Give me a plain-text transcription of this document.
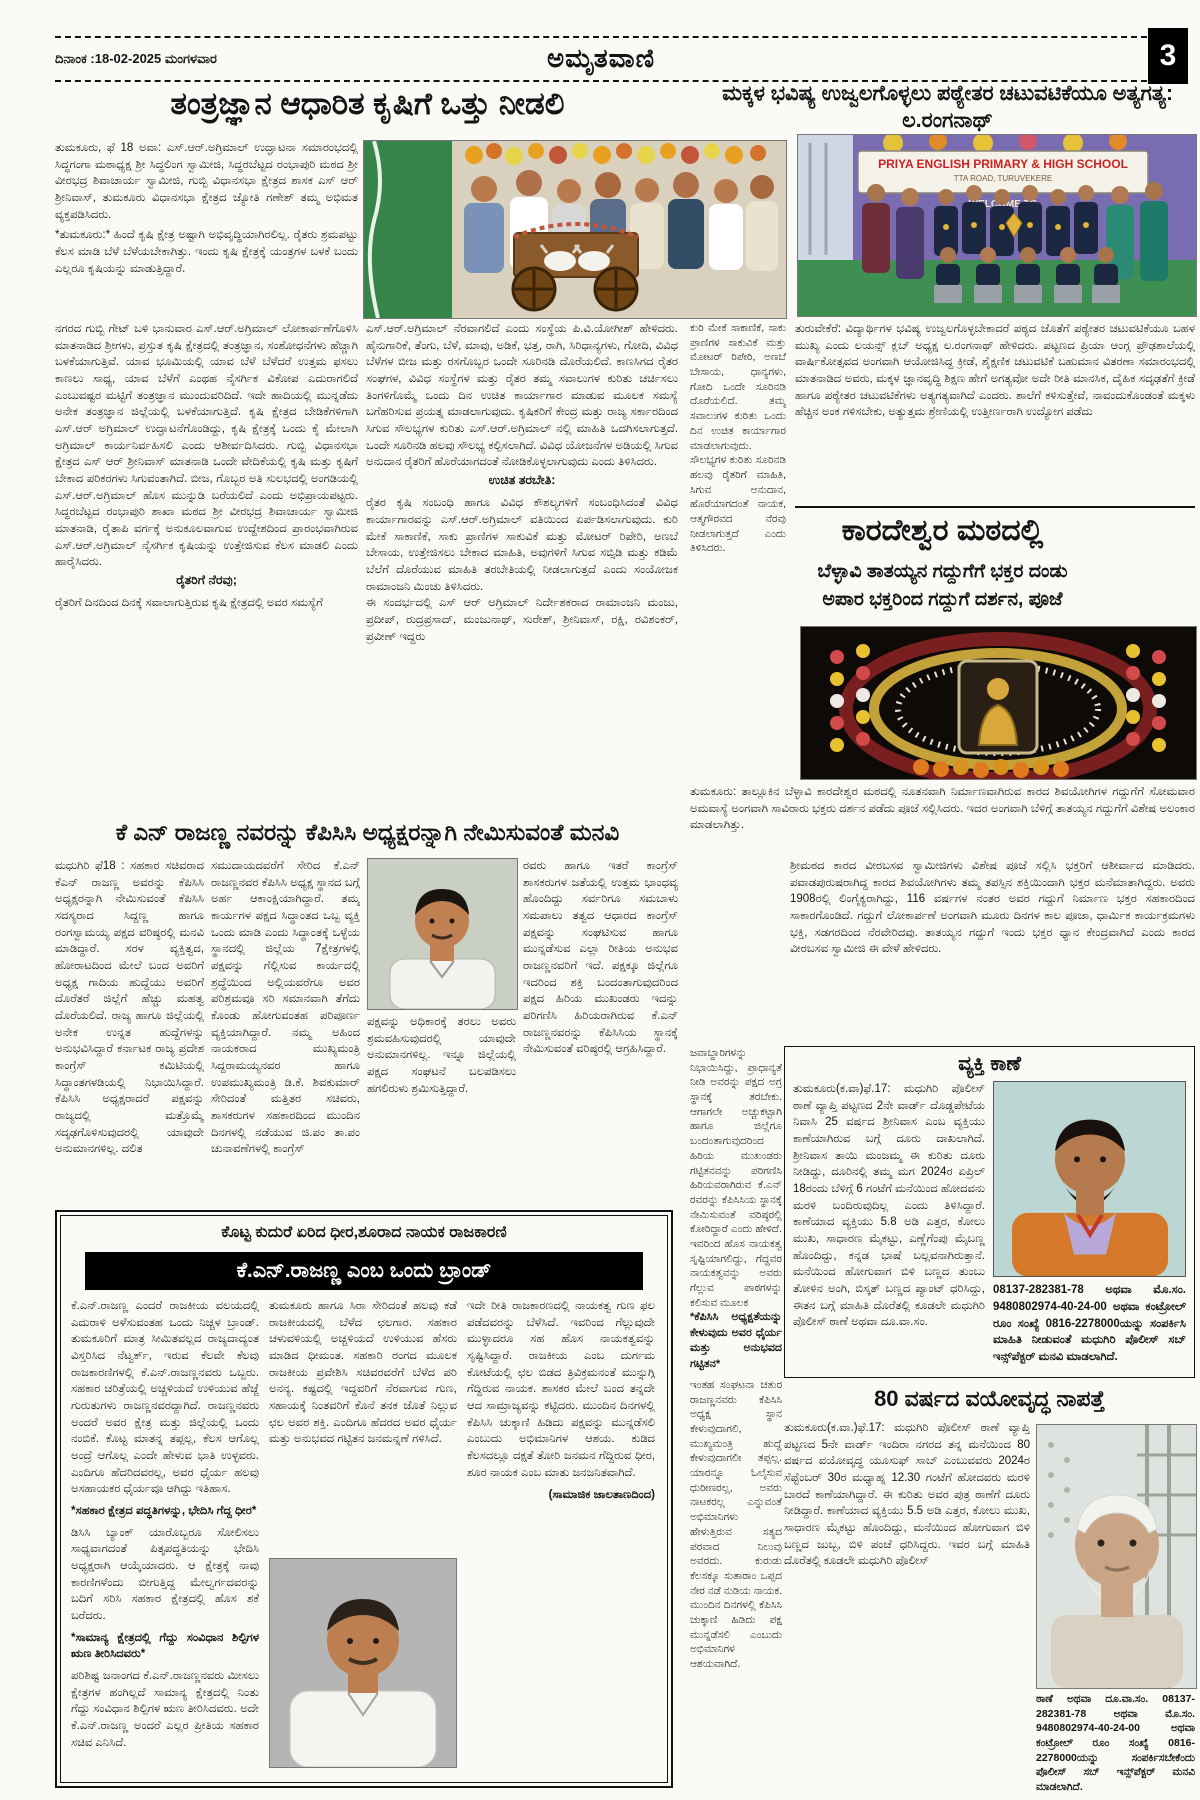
ದಿನಾಂಕ :18-02-2025 ಮಂಗಳವಾರ	ಅಮೃತವಾಣಿ	3
ತಂತ್ರಜ್ಞಾನ ಆಧಾರಿತ ಕೃಷಿಗೆ ಒತ್ತು ನೀಡಲಿ

ತುಮಕೂರು, ಫೆ 18 ಅವಾ: ಎಸ್.ಆರ್.ಅಗ್ರಿಮಾಲ್ ಉದ್ಘಾಟನಾ ಸಮಾರಂಭದಲ್ಲಿ ಸಿದ್ಧಗಂಗಾ ಮಠಾಧ್ಯಕ್ಷ ಶ್ರೀ ಸಿದ್ಧಲಿಂಗ ಸ್ವಾಮೀಜಿ, ಸಿದ್ಧರಬೆಟ್ಟದ ರಂಭಾಪುರಿ ಮಠದ ಶ್ರೀ ವೀರಭದ್ರ ಶಿವಾಚಾರ್ಯ ಸ್ವಾಮೀಜಿ, ಗುಬ್ಬಿ ವಿಧಾನಸಭಾ ಕ್ಷೇತ್ರದ ಶಾಸಕ ಎಸ್ ಆರ್ ಶ್ರೀನಿವಾಸ್, ತುಮಕೂರು ವಿಧಾನಸಭಾ ಕ್ಷೇತ್ರದ ಜ್ಯೋತಿ ಗಣೇಶ್ ತಮ್ಮ ಅಭಿಮತ ವ್ಯಕ್ತಪಡಿಸಿದರು.

*ತುಮಕೂರು:* ಹಿಂದೆ ಕೃಷಿ ಕ್ಷೇತ್ರ ಅಷ್ಟಾಗಿ ಅಭಿವೃದ್ಧಿಯಾಗಿರಲಿಲ್ಲ. ರೈತರು ಶ್ರಮಪಟ್ಟು ಕೆಲಸ ಮಾಡಿ ಬೆಳೆ ಬೆಳೆಯಬೇಕಾಗಿತ್ತು. ಇಂದು ಕೃಷಿ ಕ್ಷೇತ್ರಕ್ಕೆ ಯಂತ್ರಗಳ ಬಳಕೆ ಬಂದು ಎಲ್ಲರೂ ಕೃಷಿಯನ್ನು ಮಾಡುತ್ತಿದ್ದಾರೆ.

ಮಕ್ಕಳ ಭವಿಷ್ಯ ಉಜ್ವಲಗೊಳ್ಳಲು ಪಠ್ಯೇತರ ಚಟುವಟಿಕೆಯೂ ಅತ್ಯಗತ್ಯ: ಲ.ರಂಗನಾಥ್
PRIYA ENGLISH PRIMARY & HIGH SCHOOL
TTA ROAD, TURUVEKERE
WELCOME

ನಗರದ ಗುಬ್ಬಿ ಗೇಟ್ ಬಳಿ ಭಾನುವಾರ ಎಸ್.ಆರ್.ಅಗ್ರಿಮಾಲ್ ಲೋಕಾರ್ಪಣೆಗೊಳಿಸಿ ಮಾತನಾಡಿದ ಶ್ರೀಗಳು, ಪ್ರಸ್ತುತ ಕೃಷಿ ಕ್ಷೇತ್ರದಲ್ಲಿ ತಂತ್ರಜ್ಞಾನ, ಸಂಶೋಧನೆಗಳು ಹೆಚ್ಚಾಗಿ ಬಳಕೆಯಾಗುತ್ತಿವೆ. ಯಾವ ಭೂಮಿಯಲ್ಲಿ ಯಾವ ಬೆಳೆ ಬೆಳೆದರೆ ಉತ್ತಮ ಫಸಲು ಕಾಣಲು ಸಾಧ್ಯ, ಯಾವ ಬೆಳೆಗೆ ಎಂಥಹ ನೈಸರ್ಗಿಕ ವಿಕೋಪ ಎದುರಾಗಲಿದೆ ಎಂಬುವಷ್ಟರ ಮಟ್ಟಿಗೆ ತಂತ್ರಜ್ಞಾನ ಮುಂದುವರಿದಿದೆ. ಇದೇ ಹಾದಿಯಲ್ಲಿ ಮುನ್ನಡೆದು ಅನೇಕ ತಂತ್ರಜ್ಞಾನ ಜಿಲ್ಲೆಯಲ್ಲಿ ಬಳಕೆಯಾಗುತ್ತಿದೆ. ಕೃಷಿ ಕ್ಷೇತ್ರದ ಬೇಡಿಕೆಗಳಿಗಾಗಿ ಎಸ್.ಆರ್ ಅಗ್ರಿಮಾಲ್ ಉದ್ಘಾಟನೆಗೊಂಡಿದ್ದು, ಕೃಷಿ ಕ್ಷೇತ್ರಕ್ಕೆ ಒಂದು ಕೈ ಮೇಲಾಗಿ ಅಗ್ರಿಮಾಲ್ ಕಾರ್ಯನಿರ್ವಹಿಸಲಿ ಎಂದು ಆಶೀರ್ವದಿಸಿದರು. ಗುಬ್ಬಿ ವಿಧಾನಸಭಾ ಕ್ಷೇತ್ರದ ಎಸ್ ಆರ್ ಶ್ರೀನಿವಾಸ್ ಮಾತನಾಡಿ ಒಂದೇ ವೇದಿಕೆಯಲ್ಲಿ ಕೃಷಿ ಮತ್ತು ಕೃಷಿಗೆ ಬೇಕಾದ ಪರಿಕರಗಳು ಸಿಗುವಂತಾಗಿದೆ. ಬೀಜ, ಗೊಬ್ಬರ ಅತಿ ಸುಲಭದಲ್ಲಿ ಅಂಗಡಿಯಲ್ಲಿ ಎಸ್.ಆರ್.ಅಗ್ರಿಮಾಲ್ ಹೊಸ ಮುನ್ನುಡಿ ಬರೆಯಲಿದೆ ಎಂದು ಅಭಿಪ್ರಾಯಪಟ್ಟರು. ಸಿದ್ಧರಬೆಟ್ಟದ ರಂಭಾಪುರಿ ಶಾಖಾ ಮಠದ ಶ್ರೀ ವೀರಭದ್ರ ಶಿವಾಚಾರ್ಯ ಸ್ವಾಮೀಜಿ ಮಾತನಾಡಿ, ರೈತಾಪಿ ವರ್ಗಕ್ಕೆ ಅನುಕೂಲವಾಗುವ ಉದ್ದೇಶದಿಂದ ಪ್ರಾರಂಭವಾಗಿರುವ ಎಸ್.ಆರ್.ಅಗ್ರಿಮಾಲ್ ನೈಸರ್ಗಿಕ ಕೃಷಿಯನ್ನು ಉತ್ತೇಜಿಸುವ ಕೆಲಸ ಮಾಡಲಿ ಎಂದು ಹಾರೈಸಿದರು.

ರೈತರಿಗೆ ನೆರವು;

ರೈತರಿಗೆ ದಿನದಿಂದ ದಿನಕ್ಕೆ ಸವಾಲಾಗುತ್ತಿರುವ ಕೃಷಿ ಕ್ಷೇತ್ರದಲ್ಲಿ ಅವರ ಸಮಸ್ಯೆಗೆ

ಎಸ್.ಆರ್.ಅಗ್ರಿಮಾಲ್ ನೆರವಾಗಲಿದೆ ಎಂದು ಸಂಸ್ಥೆಯ ಪಿ.ವಿ.ಯೋಗೀಶ್ ಹೇಳಿದರು. ಹೈನುಗಾರಿಕೆ, ತೆಂಗು, ಬೆಳೆ, ಮಾವು, ಅಡಿಕೆ, ಭತ್ತ, ರಾಗಿ, ಸಿರಿಧಾನ್ಯಗಳು, ಗೋದಿ, ವಿವಿಧ ಬೆಳೆಗಳ ಬೀಜ ಮತ್ತು ರಸಗೊಬ್ಬರ ಒಂದೇ ಸೂರಿನಡಿ ದೊರೆಯಲಿದೆ. ಕಾಣಸಿಗದ ರೈತರ ಸಂಘಗಳ, ವಿವಿಧ ಸಂಸ್ಥೆಗಳ ಮತ್ತು ರೈತರ ತಮ್ಮ ಸವಾಲುಗಳ ಕುರಿತು ಚರ್ಚಿಸಲು ತಿಂಗಳಿಗೊಮ್ಮೆ ಒಂದು ದಿನ ಉಚಿತ ಕಾರ್ಯಾಗಾರ ಮಾಡುವ ಮೂಲಕ ಸಮಸ್ಯೆ ಬಗೆಹರಿಸುವ ಪ್ರಯತ್ನ ಮಾಡಲಾಗುವುದು. ಕೃಷಿಕರಿಗೆ ಕೇಂದ್ರ ಮತ್ತು ರಾಜ್ಯ ಸರ್ಕಾರದಿಂದ ಸಿಗುವ ಸೌಲಭ್ಯಗಳ ಕುರಿತು ಎಸ್.ಆರ್.ಅಗ್ರಿಮಾಲ್ ನಲ್ಲಿ ಮಾಹಿತಿ ಒದಗಿಸಲಾಗುತ್ತದೆ. ಒಂದೇ ಸೂರಿನಡಿ ಹಲವು ಸೌಲಭ್ಯ ಕಲ್ಪಿಸಲಾಗಿದೆ. ವಿವಿಧ ಯೋಜನೆಗಳ ಅಡಿಯಲ್ಲಿ ಸಿಗುವ ಅನುದಾನ ರೈತರಿಗೆ ಹೊರೆಯಾಗದಂತೆ ನೋಡಿಕೊಳ್ಳಲಾಗುವುದು ಎಂದು ತಿಳಿಸಿದರು.

ಉಚಿತ ತರಬೇತಿ:

ರೈತರ ಕೃಷಿ ಸಂಬಂಧಿ ಹಾಗೂ ವಿವಿಧ ಕೌಶಲ್ಯಗಳಿಗೆ ಸಂಬಂಧಿಸಿದಂತೆ ವಿವಿಧ ಕಾರ್ಯಾಗಾರವನ್ನು ಎಸ್.ಆರ್.ಅಗ್ರಿಮಾಲ್ ವತಿಯಿಂದ ಏರ್ಪಡಿಸಲಾಗುವುದು. ಕುರಿ ಮೇಕೆ ಸಾಕಾಣಿಕೆ, ಸಾಕು ಪ್ರಾಣಿಗಳ ಸಾಕುವಿಕೆ ಮತ್ತು ಮೋಟರ್ ರಿಪೇರಿ, ಅಣಬೆ ಬೇಸಾಯ, ಉತ್ತೇಜಿಸಲು ಬೇಕಾದ ಮಾಹಿತಿ, ಅವುಗಳಿಗೆ ಸಿಗುವ ಸಬ್ಸಿಡಿ ಮತ್ತು ಕಡಿಮೆ ಬೆಲೆಗೆ ದೊರೆಯುವ ಮಾಹಿತಿ ತರಬೇತಿಯಲ್ಲಿ ನೀಡಲಾಗುತ್ತದೆ ಎಂದು ಸಂಯೋಜಕ ರಾಮಾಂಜನಿ ಮಿಂಚು ತಿಳಿಸಿದರು.

ಈ ಸಂದರ್ಭದಲ್ಲಿ ಎಸ್ ಆರ್ ಅಗ್ರಿಮಾಲ್ ನಿರ್ದೇಶಕರಾದ ರಾಮಾಂಜನಿ ಮಂಜು, ಪ್ರದೀಪ್, ರುದ್ರಪ್ರಸಾದ್, ಮಂಜುನಾಥ್, ಸುರೇಶ್, ಶ್ರೀನಿವಾಸ್, ರಕ್ಷಿ, ರವಿಶಂಕರ್, ಪ್ರವೀಣ್ ಇದ್ದರು

ಕುರಿ ಮೇಕೆ ಸಾಕಾಣಿಕೆ, ಸಾಕು ಪ್ರಾಣಿಗಳ ಸಾಕುವಿಕೆ ಮತ್ತು ಮೋಟರ್ ರಿಪೇರಿ, ಅಣಬೆ ಬೇಸಾಯ, ಧಾನ್ಯಗಳು, ಗೋದಿ ಒಂದೇ ಸೂರಿನಡಿ ದೊರೆಯಲಿದೆ. ತಮ್ಮ ಸವಾಲುಗಳ ಕುರಿತು ಒಂದು ದಿನ ಉಚಿತ ಕಾರ್ಯಾಗಾರ ಮಾಡಲಾಗುವುದು. ಸೌಲಭ್ಯಗಳ ಕುರಿತು ಸೂರಿನಡಿ ಹಲವು ರೈತರಿಗೆ ಮಾಹಿತಿ, ಸಿಗುವ ಅನುದಾನ, ಹೊರೆಯಾಗದಂತೆ ನಾಯಕ, ಆತ್ಮಗೌರವದ ನೆರವು ನೀಡಲಾಗುತ್ತದೆ ಎಂದು ತಿಳಿಸಿದರು.
ತುರುವೇಕೆರೆ: ವಿದ್ಯಾರ್ಥಿಗಳ ಭವಿಷ್ಯ ಉಜ್ವಲಗೊಳ್ಳಬೇಕಾದರೆ ಪಠ್ಯದ ಜೊತೆಗೆ ಪಠ್ಯೇತರ ಚಟುವಟಿಕೆಯೂ ಬಹಳ ಮುಖ್ಯ ಎಂದು ಲಯನ್ಸ್ ಕ್ಲಬ್ ಅಧ್ಯಕ್ಷ ಲ.ರಂಗನಾಥ್ ಹೇಳಿದರು. ಪಟ್ಟಣದ ಪ್ರಿಯಾ ಆಂಗ್ಲ ಪ್ರೌಢಶಾಲೆಯಲ್ಲಿ ವಾರ್ಷಿಕೋತ್ಸವದ ಅಂಗವಾಗಿ ಆಯೋಜಿಸಿದ್ದ ಕ್ರೀಡೆ, ಶೈಕ್ಷಣಿಕ ಚಟುವಟಿಕೆ ಬಹುಮಾನ ವಿತರಣಾ ಸಮಾರಂಭದಲ್ಲಿ ಮಾತನಾಡಿದ ಅವರು, ಮಕ್ಕಳ ಜ್ಞಾನವೃದ್ಧಿ ಶಿಕ್ಷಣ ಹೇಗೆ ಅಗತ್ಯವೋ ಅದೇ ರೀತಿ ಮಾನಸಿಕ, ದೈಹಿಕ ಸದೃಢತೆಗೆ ಕ್ರೀಡೆ ಹಾಗೂ ಪಠ್ಯೇತರ ಚಟುವಟಿಕೆಗಳು ಅತ್ಯಗತ್ಯವಾಗಿದೆ ಎಂದರು. ಶಾಲೆಗೆ ಕಳಿಸುತ್ತೇವೆ, ನಾವಂದುಕೊಂಡಂತೆ ಮಕ್ಕಳು ಹೆಚ್ಚಿನ ಅಂಕ ಗಳಿಸಬೇಕು, ಅತ್ಯುತ್ತಮ ಶ್ರೇಣಿಯಲ್ಲಿ ಉತ್ತೀರ್ಣರಾಗಿ ಉದ್ಯೋಗ ಪಡೆದು
ಕಾರದೇಶ್ವರ ಮಠದಲ್ಲಿ
ಬೆಳ್ಳಾವಿ ತಾತಯ್ಯನ ಗದ್ದುಗೆಗೆ ಭಕ್ತರ ದಂಡು
ಅಪಾರ ಭಕ್ತರಿಂದ ಗದ್ದುಗೆ ದರ್ಶನ, ಪೂಜೆ
ತುಮಕೂರು: ತಾಲ್ಲೂಕಿನ ಬೆಳ್ಳಾವಿ ಕಾರದೇಶ್ವರ ಮಠದಲ್ಲಿ ನೂತನವಾಗಿ ನಿರ್ಮಾಣವಾಗಿರುವ ಕಾರದ ಶಿವಯೋಗಿಗಳ ಗದ್ದುಗೆಗೆ ಸೋಮವಾರ ಅಮವಾಸ್ಯೆ ಅಂಗವಾಗಿ ಸಾವಿರಾರು ಭಕ್ತರು ದರ್ಶನ ಪಡೆದು ಪೂಜೆ ಸಲ್ಲಿಸಿದರು. ಇದರ ಅಂಗವಾಗಿ ಬೆಳಿಗ್ಗೆ ತಾತಯ್ಯನ ಗದ್ದುಗೆಗೆ ವಿಶೇಷ ಅಲಂಕಾರ ಮಾಡಲಾಗಿತ್ತು.
ಶ್ರೀಮಠದ ಕಾರದ ವೀರಬಸವ ಸ್ವಾಮೀಜಿಗಳು ವಿಶೇಷ ಪೂಜೆ ಸಲ್ಲಿಸಿ ಭಕ್ತರಿಗೆ ಆಶೀರ್ವಾದ ಮಾಡಿದರು. ಪವಾಡಪುರುಷರಾಗಿದ್ದ ಕಾರದ ಶಿವಯೋಗಿಗಳು ತಮ್ಮ ತಪಸ್ಸಿನ ಶಕ್ತಿಯಿಂದಾಗಿ ಭಕ್ತರ ಮನೆಮಾತಾಗಿದ್ದರು. ಅವರು 1908ರಲ್ಲಿ ಲಿಂಗೈಕ್ಯರಾಗಿದ್ದು, 116 ವರ್ಷಗಳ ನಂತರ ಅವರ ಗದ್ದುಗೆ ನಿರ್ಮಾಣ ಭಕ್ತರ ಸಹಕಾರದಿಂದ ಸಾಕಾರಗೊಂಡಿದೆ. ಗದ್ದುಗೆ ಲೋಕಾರ್ಪಣೆ ಅಂಗವಾಗಿ ಮೂರು ದಿನಗಳ ಕಾಲ ಪೂಜಾ, ಧಾರ್ಮಿಕ ಕಾರ್ಯಕ್ರಮಗಳು ಭಕ್ತಿ, ಸಡಗರದಿಂದ ನೆರವೇರಿದವು. ತಾತಯ್ಯನ ಗದ್ದುಗೆ ಇಂದು ಭಕ್ತರ ಧ್ಯಾನ ಕೇಂದ್ರವಾಗಿದೆ ಎಂದು ಕಾರದ ವೀರಬಸವ ಸ್ವಾಮೀಜಿ ಈ ವೇಳೆ ಹೇಳಿದರು.
ಕೆ ಎನ್ ರಾಜಣ್ಣ ನವರನ್ನು ಕೆಪಿಸಿಸಿ ಅಧ್ಯಕ್ಷರನ್ನಾಗಿ ನೇಮಿಸುವಂತೆ ಮನವಿ
ಮಧುಗಿರಿ ಫೆ18 : ಸಹಕಾರ ಸಚಿವರಾದ ಕೆಎನ್ ರಾಜಣ್ಣ ಅವರನ್ನು ಕೆಪಿಸಿಸಿ ಅಧ್ಯಕ್ಷರನ್ನಾಗಿ ನೇಮಿಸುವಂತೆ ಕೆಪಿಸಿಸಿ ಸದಸ್ಯರಾದ ಸಿದ್ದಣ್ಣ ಹಾಗೂ ರಂಗಸ್ವಾಮಯ್ಯ ಪಕ್ಷದ ವರಿಷ್ಠರಲ್ಲಿ ಮನವಿ ಮಾಡಿದ್ದಾರೆ. ಸರಳ ವ್ಯಕ್ತಿತ್ವದ, ಹೋರಾಟದಿಂದ ಮೇಲೆ ಬಂದ ಅವರಿಗೆ ಅಧ್ಯಕ್ಷ ಗಾದಿಯ ಹುದ್ದೆಯು ಅವರಿಗೆ ದೊರೆತರೆ ಜಿಲ್ಲೆಗೆ ಹೆಚ್ಚು ಮಹತ್ವ ದೊರೆಯಲಿದೆ. ರಾಜ್ಯ ಹಾಗೂ ಜಿಲ್ಲೆಯಲ್ಲಿ ಅನೇಕ ಉನ್ನತ ಹುದ್ದೆಗಳನ್ನು ಅನುಭವಿಸಿದ್ದಾರೆ ಕರ್ನಾಟಕ ರಾಜ್ಯ ಪ್ರದೇಶ ಕಾಂಗ್ರೆಸ್ ಕಮಿಟಿಯಲ್ಲಿ ಸಿದ್ಧಾಂತಗಳಡಿಯಲ್ಲಿ ನಿಭಾಯಿಸಿದ್ದಾರೆ. ಕೆಪಿಸಿಸಿ ಅಧ್ಯಕ್ಷರಾದರೆ ಪಕ್ಷವನ್ನು ರಾಜ್ಯದಲ್ಲಿ ಮತ್ತೊಮ್ಮೆ ಸದೃಢಗೊಳಿಸುವುದರಲ್ಲಿ ಯಾವುದೇ ಅನುಮಾನಗಳಿಲ್ಲ. ದಲಿತ
ಸಮುದಾಯದವರೆಗೆ ಸೇರಿದ ಕೆ.ಎನ್ ರಾಜಣ್ಣನವರ ಕೆಪಿಸಿಸಿ ಅಧ್ಯಕ್ಷ ಸ್ಥಾನದ ಬಗ್ಗೆ ಅರ್ಹ ಆಕಾಂಕ್ಷಿಯಾಗಿದ್ದಾರೆ. ತಮ್ಮ ಕಾರ್ಯಗಳ ಪಕ್ಷದ ಸಿದ್ಧಾಂತದ ಒಬ್ಬ ವ್ಯಕ್ತಿ ಒಂದು ಮಾಡಿ ಎಂದು ಸಿದ್ಧಾಂತಕ್ಕೆ ಒಳ್ಳೆಯ ಸ್ಥಾನದಲ್ಲಿ ಜಿಲ್ಲೆಯ 7ಕ್ಷೇತ್ರಗಳಲ್ಲಿ ಪಕ್ಷವನ್ನು ಗೆಲ್ಲಿಸುವ ಕಾರ್ಯದಲ್ಲಿ ಶ್ರದ್ಧೆಯಿಂದ ಅಲ್ಲಿಯವರೆಗೂ ಅವರ ಪರಿಶ್ರಮವೂ ಸರಿ ಸಮಾನವಾಗಿ ತೆಗೆದು ಕೊಂಡು ಹೋಗುವಂತಹ ಪರಿಪೂರ್ಣ ವ್ಯಕ್ತಿಯಾಗಿದ್ದಾರೆ. ನಮ್ಮ ಅಹಿಂದ ನಾಯಕರಾದ ಮುಖ್ಯಮಂತ್ರಿ ಸಿದ್ದರಾಮಯ್ಯನವರ ಹಾಗೂ ಉಪಮುಖ್ಯಮಂತ್ರಿ ಡಿ.ಕೆ. ಶಿವಕುಮಾರ್ ಸೇರಿದಂತೆ ಮತ್ತಿತರ ಸಚಿವರು, ಶಾಸಕರುಗಳ ಸಹಕಾರದಿಂದ ಮುಂದಿನ ದಿನಗಳಲ್ಲಿ ನಡೆಯುವ ಜಿ.ಪಂ ತಾ.ಪಂ ಚುನಾವಣೆಗಳಲ್ಲಿ ಕಾಂಗ್ರೆಸ್
ಪಕ್ಷವನ್ನು ಅಧಿಕಾರಕ್ಕೆ ತರಲು ಅವರು ಶ್ರಮವಹಿಸುವುದರಲ್ಲಿ ಯಾವುದೇ ಅನುಮಾನಗಳಿಲ್ಲ. ಇನ್ನೂ ಜಿಲ್ಲೆಯಲ್ಲಿ ಪಕ್ಷದ ಸಂಘಟನೆ ಬಲಪಡಿಸಲು ಹಗಲಿರುಳು ಶ್ರಮಿಸುತ್ತಿದ್ದಾರೆ.
ರವರು ಹಾಗೂ ಇತರೆ ಕಾಂಗ್ರೆಸ್ ಶಾಸಕರುಗಳ ಜತೆಯಲ್ಲಿ ಉತ್ತಮ ಭಾಂಧವ್ಯ ಹೊಂದಿದ್ದು ಸರ್ವರಿಗೂ ಸಮಬಾಳು ಸಮಪಾಲು ತತ್ವದ ಆಧಾರದ ಕಾಂಗ್ರೆಸ್ ಪಕ್ಷವನ್ನು ಸಂಘಟಿಸುವ ಹಾಗೂ ಮುನ್ನಡೆಸುವ ಎಲ್ಲಾ ರೀತಿಯ ಅನುಭವ ರಾಜಣ್ಣನವರಿಗೆ ಇದೆ. ಪಕ್ಷಕ್ಕೂ ಜಿಲ್ಲೆಗೂ ಇದರಿಂದ ಶಕ್ತಿ ಬಂದಂತಾಗುವುದರಿಂದ ಪಕ್ಷದ ಹಿರಿಯ ಮುಖಂಡರು ಇದನ್ನು ಪರಿಗಣಿಸಿ ಹಿರಿಯರಾಗಿರುವ ಕೆ.ಎನ್ ರಾಜಣ್ಣನವರನ್ನು ಕೆಪಿಸಿಸಿಯ ಸ್ಥಾನಕ್ಕೆ ನೇಮಿಸುವಂತೆ ವರಿಷ್ಠರಲ್ಲಿ ಆಗ್ರಹಿಸಿದ್ದಾರೆ.	ಜವಾಬ್ದಾರಿಗಳನ್ನು ನಿಭಾಯಿಸಿದ್ದು, ಪ್ರಾಧಾನ್ಯತೆ ನೀಡಿ ಅವರನ್ನು ಪಕ್ಷದ ಅಗ್ರ ಸ್ಥಾನಕ್ಕೆ ತರಬೇಕು. ಆಗಾಗಲೇ ಅಚ್ಚುಕಟ್ಟಾಗಿ ಹಾಗೂ ಜಿಲ್ಲೆಗೂ ಬಂದಂತಾಗುವುದರಿಂದ ಹಿರಿಯ ಮುಖಂಡರು ಗಟ್ಟಿತನವನ್ನು ಪರಿಗಣಿಸಿ ಹಿರಿಯವರಾಗಿರುವ ಕೆ.ಎನ್ ರವರನ್ನು ಕೆಪಿಸಿಸಿಯ ಸ್ಥಾನಕ್ಕೆ ನೇಮಿಸುವಂತೆ ವರಿಷ್ಠರಲ್ಲಿ ಕೋರಿದ್ದಾರೆ ಎಂದು ಹೇಳಿದೆ. ಇವರಿಂದ ಹೊಸ ನಾಯಕತ್ವ ಸೃಷ್ಟಿಯಾಗಲಿದ್ದು, ಗೆದ್ದವರ ನಾಯಕತ್ವವನ್ನು ಅವರು ಗೆಲ್ಲುವ ಪಾಠಗಳನ್ನು ಕಲಿಸುವ ಮೂಲಕ

*ಕೆಪಿಸಿಸಿ ಅಧ್ಯಕ್ಷತೆಯನ್ನು ಕೇಳುವುದು ಅವರ ಧೈರ್ಯ ಮತ್ತು ಅನುಭವದ ಗಟ್ಟಿತನ*

ಇಂತಹ ಸಂಘಟನಾ ಚತುರ ರಾಜಣ್ಣನವರು ಕೆಪಿಸಿಸಿ ಅಧ್ಯಕ್ಷ ಸ್ಥಾನ ಕೇಳುವುದಾಗಲಿ, ಮುಖ್ಯಮಂತ್ರಿ ಹುದ್ದೆ ಕೇಳುವುದಾಗಲೀ ತಪ್ಪಲ್ಲ. ಯಾರನ್ನೂ ಓಲೈಸುವ ಧುರೀಣರಲ್ಲ, ಅವರು ನಾಟಕರಲ್ಲ ಎನ್ನುವಂತೆ ಅಭಿಮಾನಿಗಳು ಹೇಳುತ್ತಿರುವ ಸತ್ಯದ ಪರವಾದ ನಿಲುವು ಅವರದು. ಕುರುಡು ಕೆಲಸಕ್ಕೂ ಸುತಾರಾಂ ಒಪ್ಪದ ನೇರ ನಡೆ ನುಡಿಯ ನಾಯಕ. ಮುಂದಿನ ದಿನಗಳಲ್ಲಿ ಕೆಪಿಸಿಸಿ ಚುಕ್ಕಾಣಿ ಹಿಡಿದು ಪಕ್ಷ ಮುನ್ನಡೆಸಲಿ ಎಂಬುದು ಅಭಿಮಾನಿಗಳ ಆಶಯವಾಗಿದೆ.

ಕೊಟ್ಟ ಕುದುರೆ ಏರಿದ ಧೀರ,ಶೂರಾದ ನಾಯಕ ರಾಜಕಾರಣಿ
ಕೆ.ಎನ್.ರಾಜಣ್ಣ ಎಂಬ ಒಂದು ಬ್ರಾಂಡ್

ಕೆ.ಎನ್.ರಾಜಣ್ಣ ಎಂದರೆ ರಾಜಕೀಯ ವಲಯದಲ್ಲಿ ಎದುರಾಳಿ ಅಳೆಸುವಂತಹ ಒಂದು ನಿಚ್ಚಳ ಬ್ರಾಂಡ್. ತುಮಕೂರಿಗೆ ಮಾತ್ರ ಸೀಮಿತವಲ್ಲದ ರಾಜ್ಯದಾದ್ಯಂತ ವಿಸ್ತರಿಸಿದ ನೆಟ್ವರ್ಕ್, ಇರುವ ಕೆಲವೇ ಕೆಲವು ರಾಜಕಾರಣಿಗಳಲ್ಲಿ ಕೆ.ಎನ್.ರಾಜಣ್ಣನವರು ಒಬ್ಬರು. ಸಹಕಾರ ಚರಿತ್ರೆಯಲ್ಲಿ ಅಚ್ಚಳಿಯದೆ ಉಳಿಯುವ ಹೆಜ್ಜೆ ಗುರುತುಗಳು ರಾಜಣ್ಣನವರದ್ದಾಗಿದೆ. ರಾಜಣ್ಣನವರು ಅಂದರೆ ಅವರ ಕ್ಷೇತ್ರ ಮತ್ತು ಜಿಲ್ಲೆಯಲ್ಲಿ ಒಂದು ನಂಬಿಕೆ. ಕೊಟ್ಟ ಮಾತನ್ನ ತಪ್ಪಲ್ಲ, ಕೆಲಸ ಆಗೊಲ್ಲ ಅಂದ್ರೆ ಆಗೊಲ್ಲ ಎಂದೇ ಹೇಳುವ ಭಾತಿ ಉಳ್ಳವರು. ಎಂದಿಗೂ ಹೆದರಿದವರಲ್ಲ, ಅವರ ಧೈರ್ಯ ಹಲವು ಅಸಹಾಯಕರ ಧೈರ್ಯವೂ ಆಗಿದ್ದು ಇತಿಹಾಸ.

*ಸಹಕಾರ ಕ್ಷೇತ್ರದ ಪದ್ಧತಿಗಳನ್ನು, ಭೇದಿಸಿ ಗೆದ್ದ ಧೀರ*

ಡಿಸಿಸಿ ಬ್ಯಾಂಕ್ ಯಾರೊಬ್ಬರೂ ಸೋಲಿಸಲು ಸಾಧ್ಯವಾಗದಂತೆ ಪಿತೃಪದ್ಧತಿಯನ್ನು ಭೇದಿಸಿ ಅಧ್ಯಕ್ಷರಾಗಿ ಆಯ್ಕೆಯಾದರು. ಆ ಕ್ಷೇತ್ರಕ್ಕೆ ನಾವು ಕಾರಣಿಗಳೆಂದು ಬೀಗುತ್ತಿದ್ದ ಮೇಲ್ವರ್ಗದವರನ್ನು ಬದಿಗೆ ಸರಿಸಿ ಸಹಕಾರ ಕ್ಷೇತ್ರದಲ್ಲಿ ಹೊಸ ಶಕೆ ಬರೆದರು.

*ಸಾಮಾನ್ಯ ಕ್ಷೇತ್ರದಲ್ಲಿ ಗೆದ್ದು ಸಂವಿಧಾನ ಶಿಲ್ಪಿಗಳ ಋಣ ತೀರಿಸಿದವರು*

ಪರಿಶಿಷ್ಟ ಜನಾಂಗದ ಕೆ.ಎನ್.ರಾಜಣ್ಣನವರು ಮೀಸಲು ಕ್ಷೇತ್ರಗಳ ಹಂಗಿಲ್ಲದೆ ಸಾಮಾನ್ಯ ಕ್ಷೇತ್ರದಲ್ಲಿ ನಿಂತು ಗೆದ್ದು ಸಂವಿಧಾನ ಶಿಲ್ಪಿಗಳ ಋಣ ತೀರಿಸಿದವರು. ಅದೇ ಕೆ.ಎನ್.ರಾಜಣ್ಣ ಅಂದರೆ ಎಲ್ಲರ ಪ್ರೀತಿಯ ಸಹಕಾರ ಸಚಿವ ಎನಿಸಿದೆ.

ತುಮಕೂರು ಹಾಗೂ ಸಿರಾ ಸೇರಿದಂತೆ ಹಲವು ಕಡೆ ರಾಜಕೀಯದಲ್ಲಿ ಬೆಳೆದ ಛಲಗಾರ. ಸಹಕಾರ ಚಳುವಳಿಯಲ್ಲಿ ಅಚ್ಚಳಿಯದೆ ಉಳಿಯುವ ಹೆಸರು ಮಾಡಿದ ಧೀಮಂತ. ಸಹಕಾರಿ ರಂಗದ ಮೂಲಕ ರಾಜಕೀಯ ಪ್ರವೇಶಿಸಿ ಸಚಿವರವರೆಗೆ ಬೆಳೆದ ಪರಿ ಅನನ್ಯ. ಕಷ್ಟದಲ್ಲಿ ಇದ್ದವರಿಗೆ ನೆರವಾಗುವ ಗುಣ, ಸಹಾಯಕ್ಕೆ ನಿಂತವರಿಗೆ ಕೊನೆ ತನಕ ಜೊತೆ ನಿಲ್ಲುವ ಛಲ ಅವರ ಶಕ್ತಿ. ಎಂದಿಗೂ ಹೆದರದ ಅವರ ಧೈರ್ಯ ಮತ್ತು ಅನುಭವದ ಗಟ್ಟಿತನ ಜನಮನ್ನಣೆ ಗಳಿಸಿದೆ.

ಇದೇ ರೀತಿ ರಾಜಕಾರಣದಲ್ಲಿ ನಾಯಕತ್ವ ಗುಣ ಫಲ ಪಡೆದವರನ್ನು ಬೆಳೆಸಿದೆ. ಇವರಿಂದ ಗೆಲ್ಲುವುದೇ ಮುಳ್ಳಾದರೂ ಸಹ ಹೊಸ ನಾಯಕತ್ವವನ್ನು ಸೃಷ್ಟಿಸಿದ್ದಾರೆ. ರಾಜಕೀಯ ಎಂಬ ದುರ್ಗಮ ಕೋಟೆಯಲ್ಲಿ ಛಲ ಬಿಡದ ತ್ರಿವಿಕ್ರಮನಂತೆ ಮುನ್ನುಗ್ಗಿ ಗೆದ್ದಿರುವ ನಾಯಕ. ಶಾಸಕರ ಮೇಲೆ ಬಂದ ತನ್ನದೇ ಆದ ಸಾಮ್ರಾಜ್ಯವನ್ನು ಕಟ್ಟಿದರು. ಮುಂದಿನ ದಿನಗಳಲ್ಲಿ ಕೆಪಿಸಿಸಿ ಚುಕ್ಕಾಣಿ ಹಿಡಿದು ಪಕ್ಷವನ್ನು ಮುನ್ನಡೆಸಲಿ ಎಂಬುದು ಅಭಿಮಾನಿಗಳ ಆಶಯ. ಕುಡಿದ ಕೆಲಸದಲ್ಲೂ ದಕ್ಷತೆ ತೋರಿ ಜನಮನ ಗೆದ್ದಿರುವ ಧೀರ, ಶೂರ ನಾಯಕ ಎಂಬ ಮಾತು ಜನಜನಿತವಾಗಿದೆ.

(ಸಾಮಾಜಿಕ ಜಾಲತಾಣದಿಂದ)
ವ್ಯಕ್ತಿ ಕಾಣೆ
ತುಮಕೂರು(ಕ.ವಾ)ಫೆ.17: ಮಧುಗಿರಿ ಪೊಲೀಸ್ ಠಾಣೆ ವ್ಯಾಪ್ತಿ ಪಟ್ಟಣದ 2ನೇ ವಾರ್ಡ್ ದೊಡ್ಡಪೇಟೆಯ ನಿವಾಸಿ 25 ವರ್ಷದ ಶ್ರೀನಿವಾಸ ಎಂಬ ವ್ಯಕ್ತಿಯು ಕಾಣೆಯಾಗಿರುವ ಬಗ್ಗೆ ದೂರು ದಾಖಲಾಗಿದೆ. ಶ್ರೀನಿವಾಸ ತಾಯಿ ಮಂಜಮ್ಮ ಈ ಕುರಿತು ದೂರು ನೀಡಿದ್ದು, ದೂರಿನಲ್ಲಿ ತಮ್ಮ ಮಗ 2024ರ ಏಪ್ರಿಲ್ 18ರಂದು ಬೆಳಿಗ್ಗೆ 6 ಗಂಟೆಗೆ ಮನೆಯಿಂದ ಹೋದವನು ಮರಳಿ ಬಂದಿರುವುದಿಲ್ಲ ಎಂದು ತಿಳಿಸಿದ್ದಾರೆ. ಕಾಣೆಯಾದ ವ್ಯಕ್ತಿಯು 5.8 ಅಡಿ ಎತ್ತರ, ಕೋಲು ಮುಖ, ಸಾಧಾರಣ ಮೈಕಟ್ಟು, ಎಣ್ಣೆಗೆಂಪು ಮೈಬಣ್ಣ ಹೊಂದಿದ್ದು, ಕನ್ನಡ ಭಾಷೆ ಬಲ್ಲವನಾಗಿರುತ್ತಾನೆ. ಮನೆಯಿಂದ ಹೋಗುವಾಗ ಬಿಳಿ ಬಣ್ಣದ ತುಂಬು ತೋಳಿನ ಅಂಗಿ, ಬಿಸ್ಕತ್ ಬಣ್ಣದ ಪ್ಯಾಂಟ್ ಧರಿಸಿದ್ದು, ಈತನ ಬಗ್ಗೆ ಮಾಹಿತಿ ದೊರೆತಲ್ಲಿ ಕೂಡಲೇ ಮಧುಗಿರಿ ಪೊಲೀಸ್ ಠಾಣೆ ಅಥವಾ ದೂ.ವಾ.ಸಂ.
08137-282381-78 ಅಥವಾ ಮೊ.ಸಂ. 9480802974-40-24-00 ಅಥವಾ ಕಂಟ್ರೋಲ್ ರೂಂ ಸಂಖ್ಯೆ 0816-2278000ಯನ್ನು ಸಂಪರ್ಕಿಸಿ ಮಾಹಿತಿ ನೀಡುವಂತೆ ಮಧುಗಿರಿ ಪೊಲೀಸ್ ಸಬ್ ಇನ್ಸ್‌ಪೆಕ್ಟರ್ ಮನವಿ ಮಾಡಲಾಗಿದೆ.
80 ವರ್ಷದ ವಯೋವೃದ್ಧ ನಾಪತ್ತೆ
ತುಮಕೂರು(ಕ.ವಾ.)ಫೆ.17: ಮಧುಗಿರಿ ಪೊಲೀಸ್ ಠಾಣೆ ವ್ಯಾಪ್ತಿ ಪಟ್ಟಣದ 5ನೇ ವಾರ್ಡ್ ಇಂದಿರಾ ನಗರದ ತನ್ನ ಮನೆಯಿಂದ 80 ವರ್ಷದ ವಯೋವೃದ್ಧ ಯೂಸುಫ್ ಸಾಬ್ ಎಂಬುವವರು 2024ರ ಸೆಪ್ಟೆಂಬರ್ 30ರ ಮಧ್ಯಾಹ್ನ 12.30 ಗಂಟೆಗೆ ಹೋದವರು ಮರಳಿ ಬಾರದೆ ಕಾಣೆಯಾಗಿದ್ದಾರೆ. ಈ ಕುರಿತು ಅವರ ಪುತ್ರ ಠಾಣೆಗೆ ದೂರು ನೀಡಿದ್ದಾರೆ. ಕಾಣೆಯಾದ ವ್ಯಕ್ತಿಯು 5.5 ಅಡಿ ಎತ್ತರ, ಕೋಲು ಮುಖ, ಸಾಧಾರಣ ಮೈಕಟ್ಟು ಹೊಂದಿದ್ದು, ಮನೆಯಿಂದ ಹೋಗುವಾಗ ಬಿಳಿ ಬಣ್ಣದ ಜುಬ್ಬ, ಬಿಳಿ ಪಂಚೆ ಧರಿಸಿದ್ದರು. ಇವರ ಬಗ್ಗೆ ಮಾಹಿತಿ ದೊರೆತಲ್ಲಿ ಕೂಡಲೇ ಮಧುಗಿರಿ ಪೊಲೀಸ್
ಠಾಣೆ ಅಥವಾ ದೂ.ವಾ.ಸಂ. 08137-282381-78 ಅಥವಾ ಮೊ.ಸಂ. 9480802974-40-24-00 ಅಥವಾ ಕಂಟ್ರೋಲ್ ರೂಂ ಸಂಖ್ಯೆ 0816-2278000ಯನ್ನು ಸಂಪರ್ಕಿಸಬೇಕೆಂದು ಪೊಲೀಸ್ ಸಬ್ ಇನ್ಸ್‌ಪೆಕ್ಟರ್ ಮನವಿ ಮಾಡಲಾಗಿದೆ.
